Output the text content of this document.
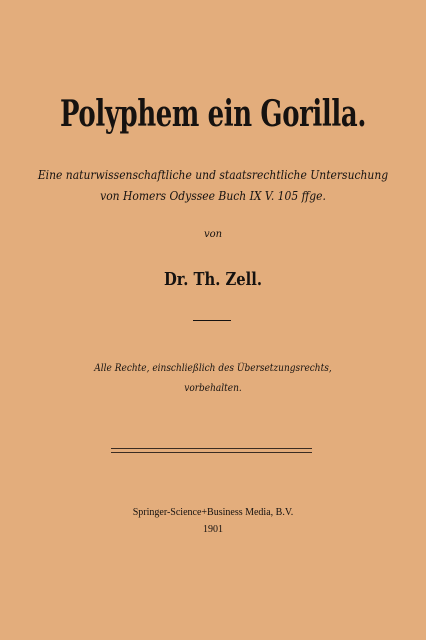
Polyphem ein Gorilla.
Eine naturwissenschaftliche und staatsrechtliche Untersuchung
von Homers Odyssee Buch IX V. 105 ffge.
von
Dr. Th. Zell.
Alle Rechte, einschließlich des Übersetzungsrechts,
vorbehalten.
Springer-Science+Business Media, B.V.
1901
